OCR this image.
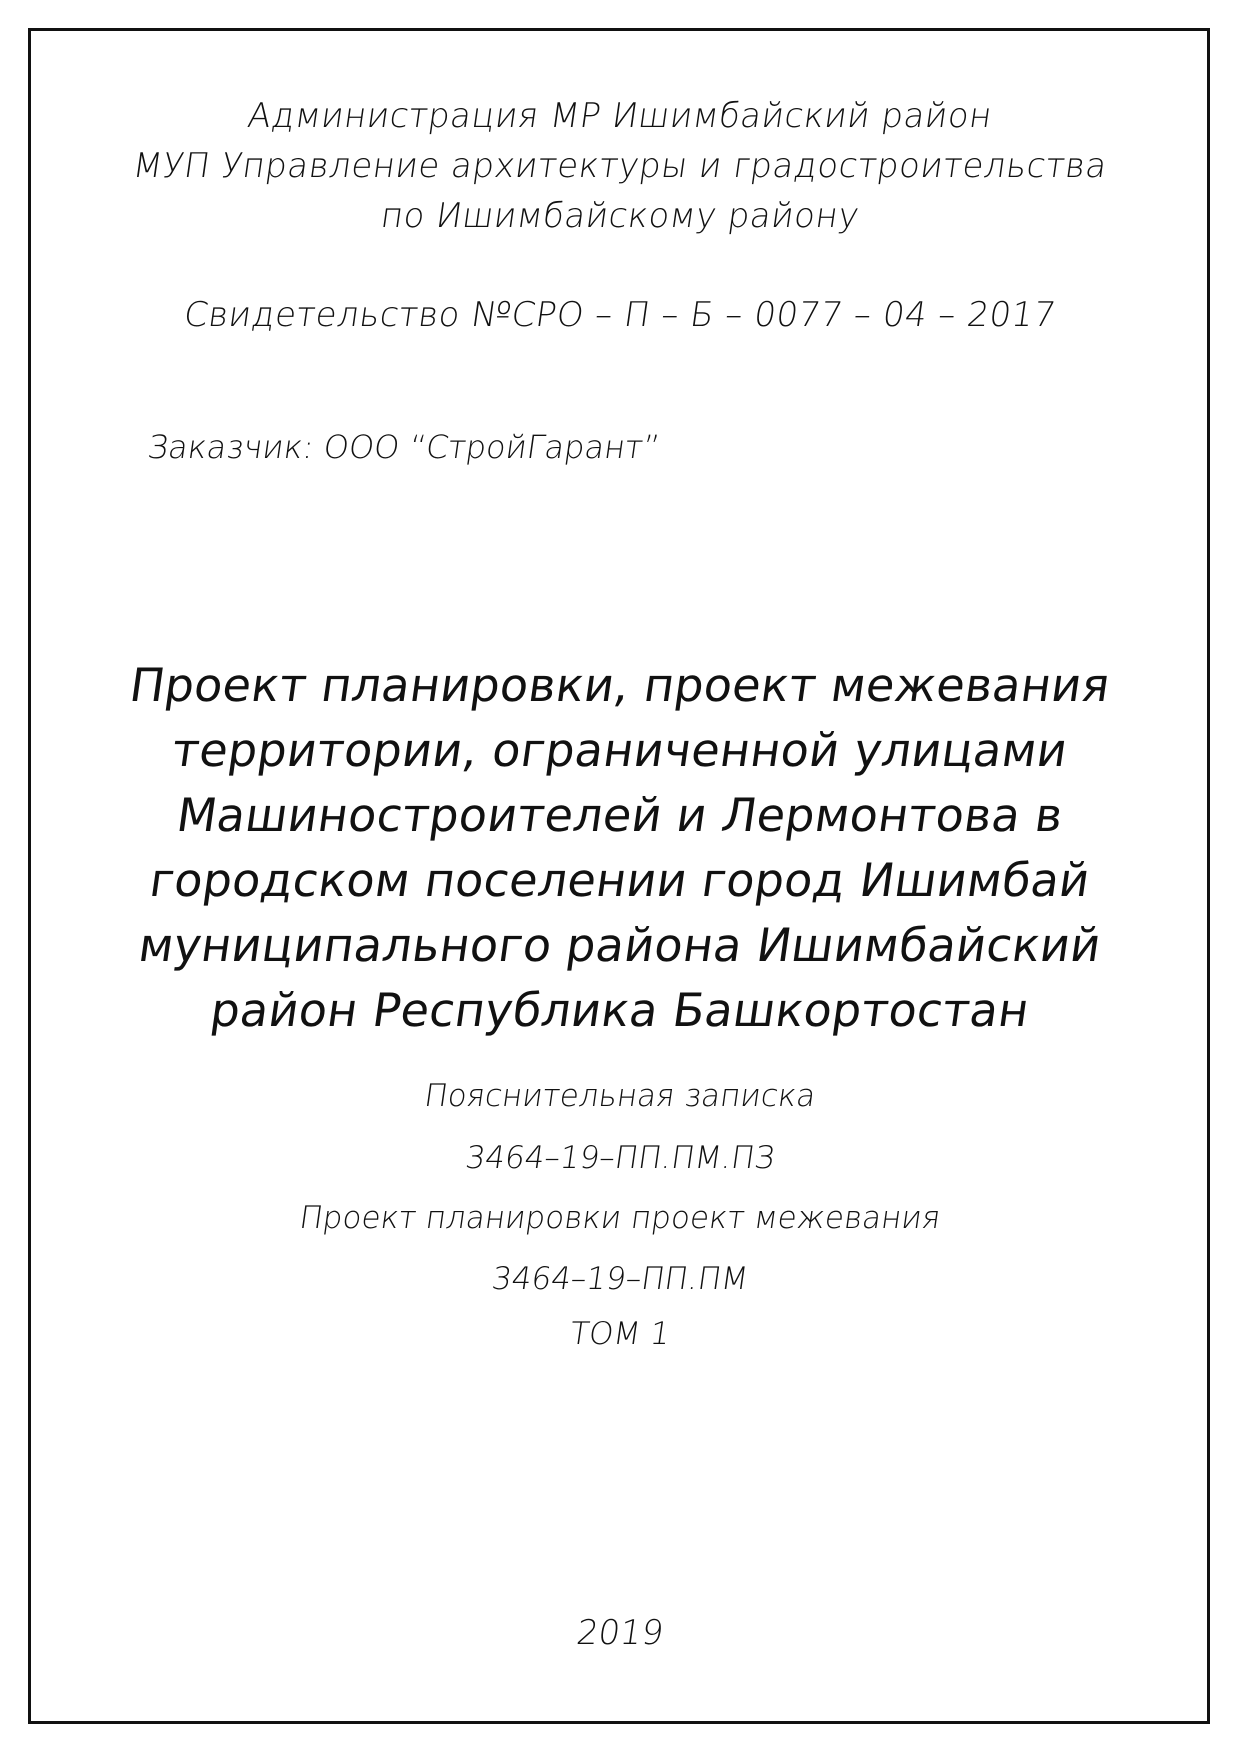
Администрация МР Ишимбайский район
МУП Управление архитектуры и градостроительства
по Ишимбайскому району
Свидетельство №СРО – П – Б – 0077 – 04 – 2017
Заказчик: ООО “СтройГарант”
Проект планировки, проект межевания
территории, ограниченной улицами
Машиностроителей и Лермонтова в
городском поселении город Ишимбай
муниципального района Ишимбайский
район Республика Башкортостан
Пояснительная записка
3464–19–ПП.ПМ.ПЗ
Проект планировки проект межевания
3464–19–ПП.ПМ
ТОМ 1
2019
